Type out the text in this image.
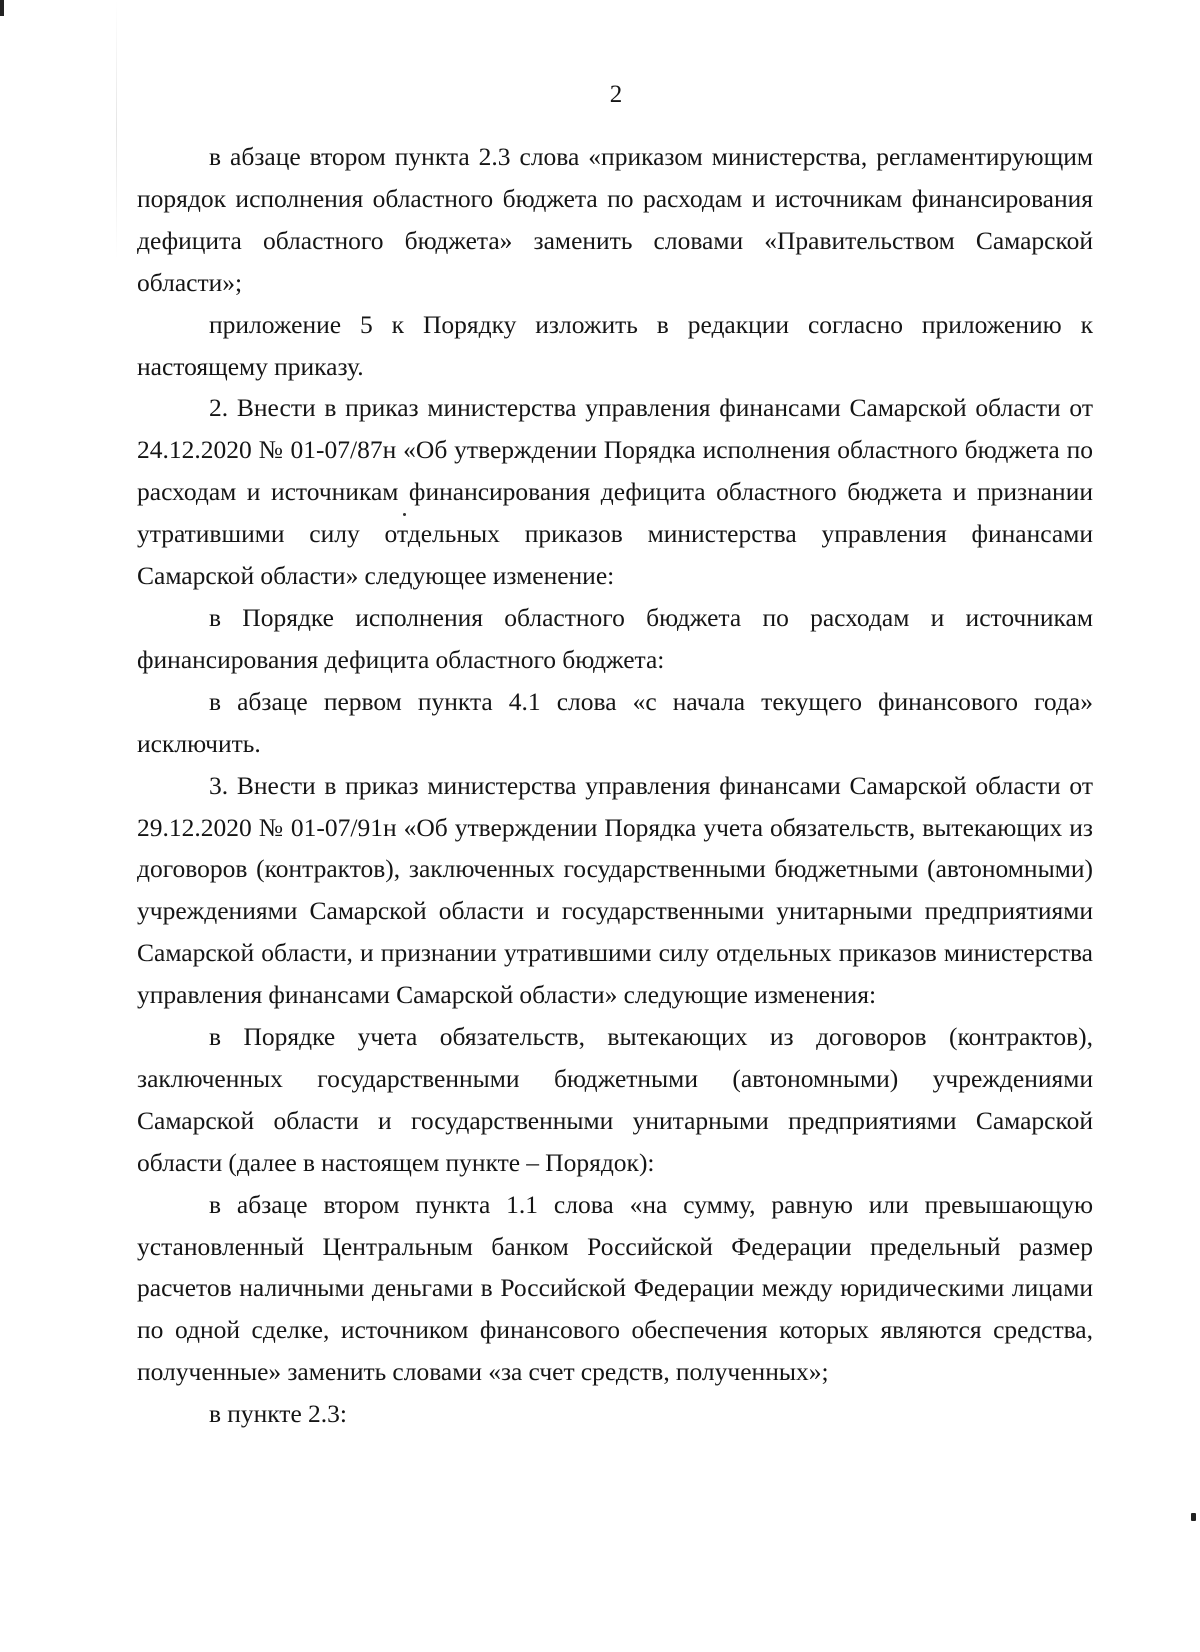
2

в абзаце втором пункта 2.3 слова «приказом министерства, регламентирующим порядок исполнения областного бюджета по расходам и источникам финансирования дефицита областного бюджета» заменить словами «Правительством Самарской области»;

приложение 5 к Порядку изложить в редакции согласно приложению к настоящему приказу.

2. Внести в приказ министерства управления финансами Самарской области от 24.12.2020 № 01-07/87н «Об утверждении Порядка исполнения областного бюджета по расходам и источникам финансирования дефицита областного бюджета и признании утратившими силу отдельных приказов министерства управления финансами Самарской области» следующее изменение:

в Порядке исполнения областного бюджета по расходам и источникам финансирования дефицита областного бюджета:

в абзаце первом пункта 4.1 слова «с начала текущего финансового года» исключить.

3. Внести в приказ министерства управления финансами Самарской области от 29.12.2020 № 01-07/91н «Об утверждении Порядка учета обязательств, вытекающих из договоров (контрактов), заключенных государственными бюджетными (автономными) учреждениями Самарской области и государственными унитарными предприятиями Самарской области, и признании утратившими силу отдельных приказов министерства управления финансами Самарской области» следующие изменения:

в Порядке учета обязательств, вытекающих из договоров (контрактов), заключенных государственными бюджетными (автономными) учреждениями Самарской области и государственными унитарными предприятиями Самарской области (далее в настоящем пункте – Порядок):

в абзаце втором пункта 1.1 слова «на сумму, равную или превышающую установленный Центральным банком Российской Федерации предельный размер расчетов наличными деньгами в Российской Федерации между юридическими лицами по одной сделке, источником финансового обеспечения которых являются средства, полученные» заменить словами «за счет средств, полученных»;

в пункте 2.3:
